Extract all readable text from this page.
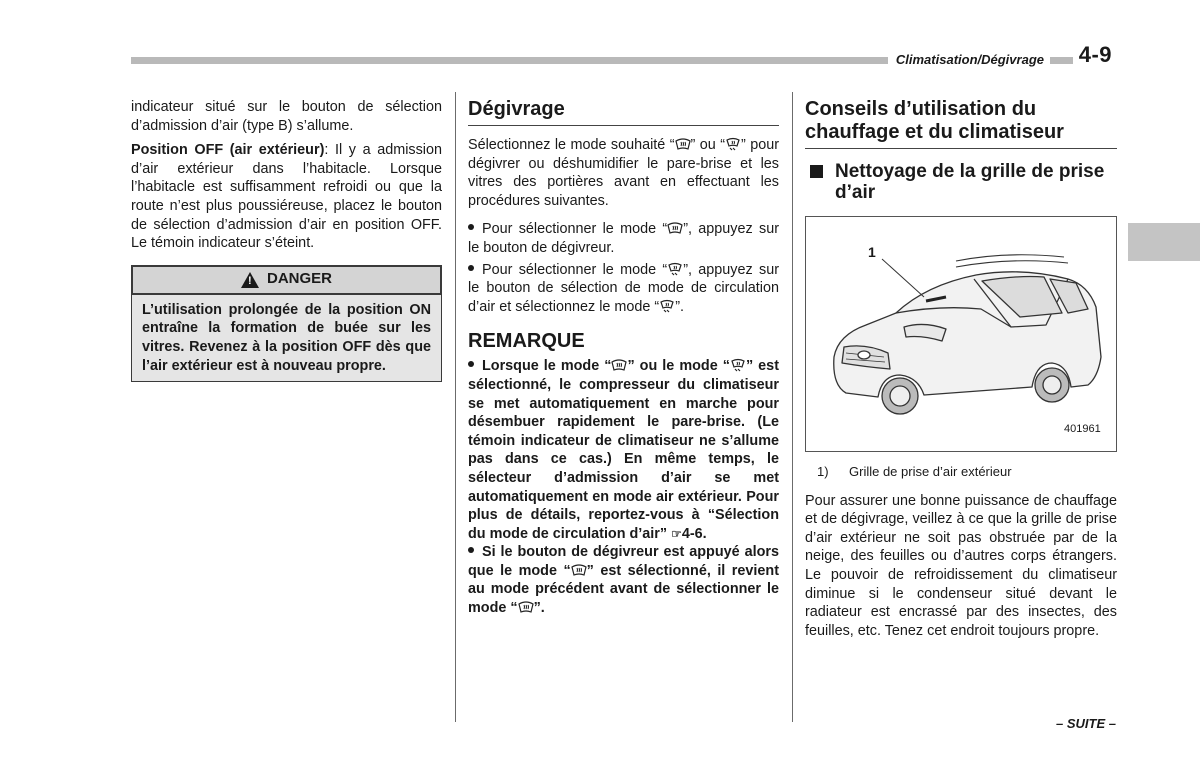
Climatisation/Dégivrage 4-9

indicateur situé sur le bouton de sélection d’admission d’air (type B) s’allume.

Position OFF (air extérieur): Il y a admission d’air extérieur dans l’habitacle. Lorsque l’habitacle est suffisamment refroidi ou que la route n’est plus poussiéreuse, placez le bouton de sélection d’admission d’air en position OFF. Le témoin indicateur s’éteint.

! DANGER

L’utilisation prolongée de la position ON entraîne la formation de buée sur les vitres. Revenez à la position OFF dès que l’air extérieur est à nouveau propre.

Dégivrage

Sélectionnez le mode souhaité “ ” ou “ ” pour dégivrer ou déshumidifier le pare-brise et les vitres des portières avant en effectuant les procédures suivantes.

Pour sélectionner le mode “ ”, appuyez sur le bouton de dégivreur.

Pour sélectionner le mode “ ”, appuyez sur le bouton de sélection de mode de circulation d’air et sélectionnez le mode “ ”.

REMARQUE

Lorsque le mode “ ” ou le mode “ ” est sélectionné, le compresseur du climatiseur se met automatiquement en marche pour désembuer rapidement le pare-brise. (Le témoin indicateur de climatiseur ne s’allume pas dans ce cas.) En même temps, le sélecteur d’admission d’air se met automatiquement en mode air extérieur. Pour plus de détails, reportez-vous à “Sélection du mode de circulation d’air” ☞4-6.

Si le bouton de dégivreur est appuyé alors que le mode “ ” est sélectionné, il revient au mode précédent avant de sélectionner le mode “ ”.

Conseils d’utilisation du chauffage et du climatiseur
Nettoyage de la grille de prise d’air
1
401961
1)	Grille de prise d’air extérieur

Pour assurer une bonne puissance de chauffage et de dégivrage, veillez à ce que la grille de prise d’air extérieur ne soit pas obstruée par de la neige, des feuilles ou d’autres corps étrangers. Le pouvoir de refroidissement du climatiseur diminue si le condenseur situé devant le radiateur est encrassé par des insectes, des feuilles, etc. Tenez cet endroit toujours propre.

– SUITE –
